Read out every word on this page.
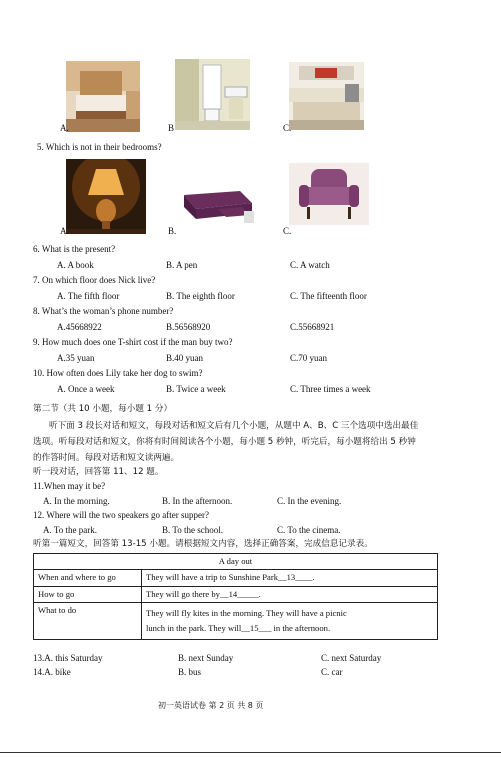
A.	B	C.
5. Which is not in their bedrooms?
A.	B.	C.
6. What is the present?
A. A book	B. A pen	C. A watch
7. On which floor does Nick live?
A. The fifth floor	B. The eighth floor	C. The fifteenth floor
8. What’s the woman’s phone number?
A.45668922	B.56568920	C.55668921
9. How much does one T-shirt cost if the man buy two?
A.35 yuan	B.40 yuan	C.70 yuan
10. How often does Lily take her dog to swim?
A. Once a week	B. Twice a week	C. Three times a week
第二节（共 10 小题，每小题 1 分）
听下面 3 段长对话和短文，每段对话和短文后有几个小题，从题中 A、B、C 三个选项中选出最佳
选项。听每段对话和短文，你将有时间阅读各个小题，每小题 5 秒钟，听完后，每小题将给出 5 秒钟
的作答时间。每段对话和短文读两遍。
听一段对话，回答第 11、12 题。
11.When may it be?
A. In the morning.	B. In the afternoon.	C. In the evening.
12. Where will the two speakers go after supper?
A. To the park.	B. To the school.	C. To the cinema.
听第一篇短文，回答第 13-15 小题。请根据短文内容，选择正确答案，完成信息记录表。
A day out	
When and where to go	They will have a trip to Sunshine Park__13____.
How to go	They will go there by__14_____.
What to do	They will fly kites in the morning. They will have a picnic
lunch in the park. They will__15___ in the afternoon.
13.A. this Saturday	B. next Sunday	C. next Saturday
14.A. bike	B. bus	C. car
初一英语试卷 第 2 页 共 8 页
